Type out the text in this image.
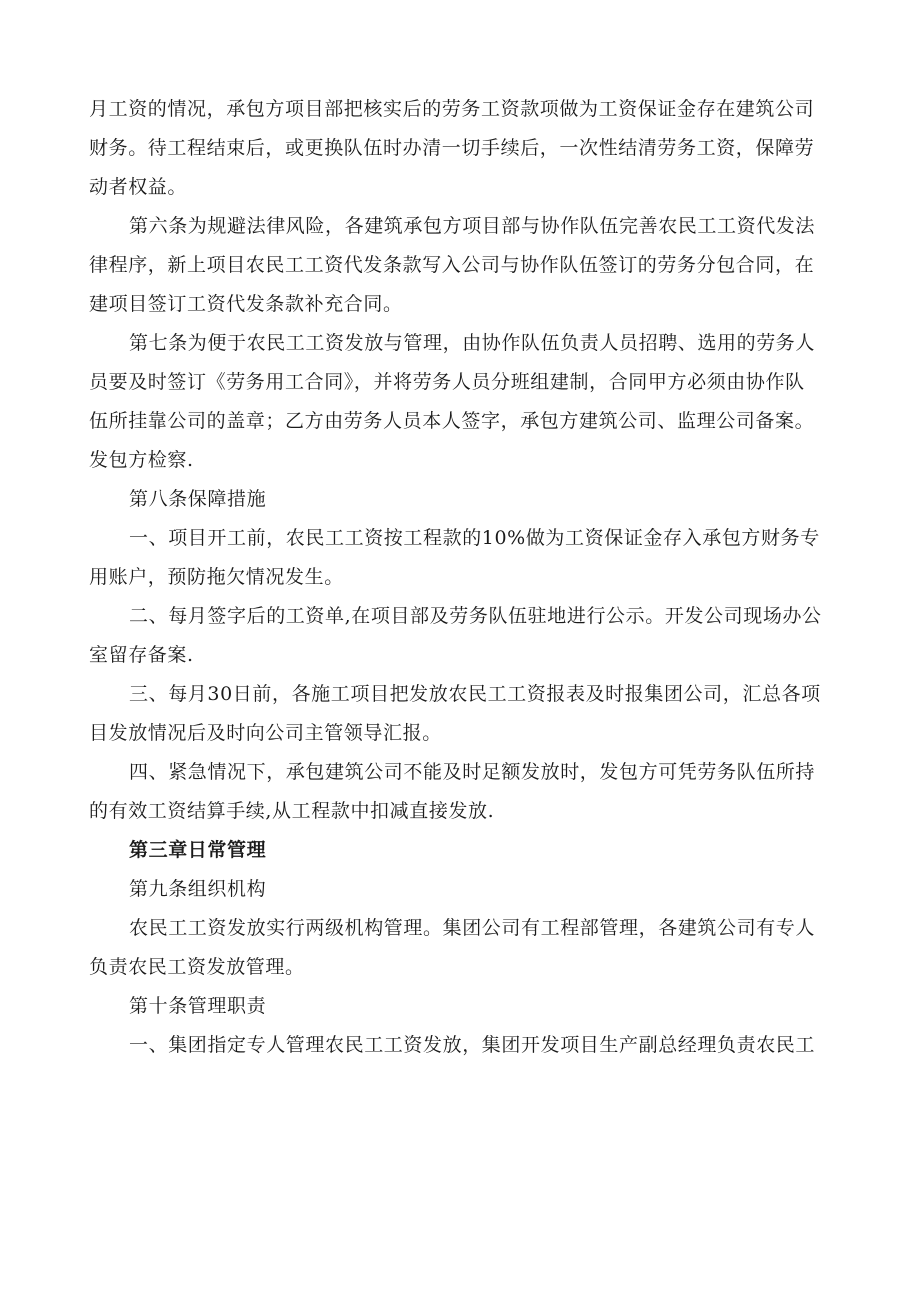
月工资的情况，承包方项目部把核实后的劳务工资款项做为工资保证金存在建筑公司
财务。待工程结束后，或更换队伍时办清一切手续后，一次性结清劳务工资，保障劳
动者权益。
第六条为规避法律风险，各建筑承包方项目部与协作队伍完善农民工工资代发法
律程序，新上项目农民工工资代发条款写入公司与协作队伍签订的劳务分包合同，在
建项目签订工资代发条款补充合同。
第七条为便于农民工工资发放与管理，由协作队伍负责人员招聘、选用的劳务人
员要及时签订《劳务用工合同》，并将劳务人员分班组建制，合同甲方必须由协作队
伍所挂靠公司的盖章；乙方由劳务人员本人签字，承包方建筑公司、监理公司备案。
发包方检察.
第八条保障措施
一、项目开工前，农民工工资按工程款的10%做为工资保证金存入承包方财务专
用账户，预防拖欠情况发生。
二、每月签字后的工资单,在项目部及劳务队伍驻地进行公示。开发公司现场办公
室留存备案.
三、每月30日前，各施工项目把发放农民工工资报表及时报集团公司，汇总各项
目发放情况后及时向公司主管领导汇报。
四、紧急情况下，承包建筑公司不能及时足额发放时，发包方可凭劳务队伍所持
的有效工资结算手续,从工程款中扣减直接发放.
第三章日常管理
第九条组织机构
农民工工资发放实行两级机构管理。集团公司有工程部管理，各建筑公司有专人
负责农民工资发放管理。
第十条管理职责
一、集团指定专人管理农民工工资发放，集团开发项目生产副总经理负责农民工
